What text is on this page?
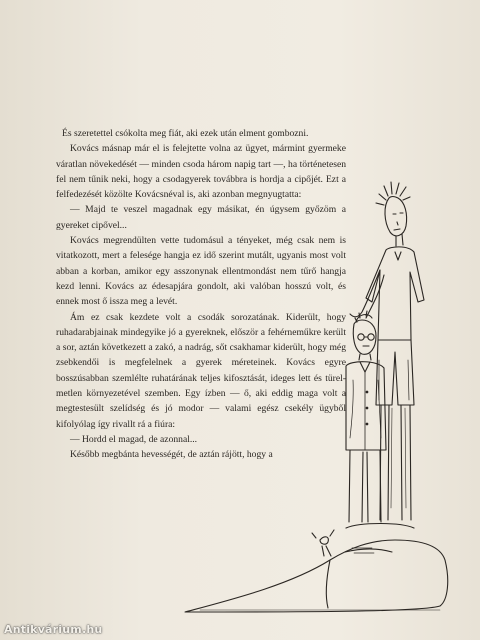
És szeretettel csókolta meg fiát, aki ezek után elment gombozni.

Kovács másnap már el is felejtette volna az ügyet, mármint gyermeke váratlan növekedését — minden csoda három napig tart —, ha történetesen fel nem tűnik neki, hogy a csodagyerek továbbra is hordja a cipőjét. Ezt a felfedezését közölte Kovácsnéval is, aki azonban megnyugtatta:

— Majd te veszel magadnak egy másikat, én úgysem győzöm a gyereket cipővel...

Kovács megrendülten vette tudomásul a tényeket, még csak nem is vitatkozott, mert a felesége hangja ez idő szerint mutált, ugyanis most volt abban a korban, amikor egy asszonynak ellentmondást nem tűrő hangja kezd lenni. Kovács az édesapjára gondolt, aki valóban hosszú volt, és ennek most ő issza meg a levét.

Ám ez csak kezdete volt a csodák sorozatának. Kiderült, hogy ruhadarabjainak mindegyike jó a gyereknek, először a fehérneműkre került a sor, aztán következett a zakó, a nadrág, sőt csakhamar kiderült, hogy még zsebkendői is megfelelnek a gyerek méreteinek. Kovács egyre bosszúsabban szemlélte ruhatárának teljes kifosztását, ideges lett és türelmetlen környezetével szemben. Egy ízben — ő, aki eddig maga volt a megtestesült szelídség és jó modor — valami egész csekély ügyből kifolyólag így rivallt rá a fiúra:

— Hordd el magad, de azonnal...

Később megbánta hevességét, de aztán rájött, hogy a

Antikvárium.hu
